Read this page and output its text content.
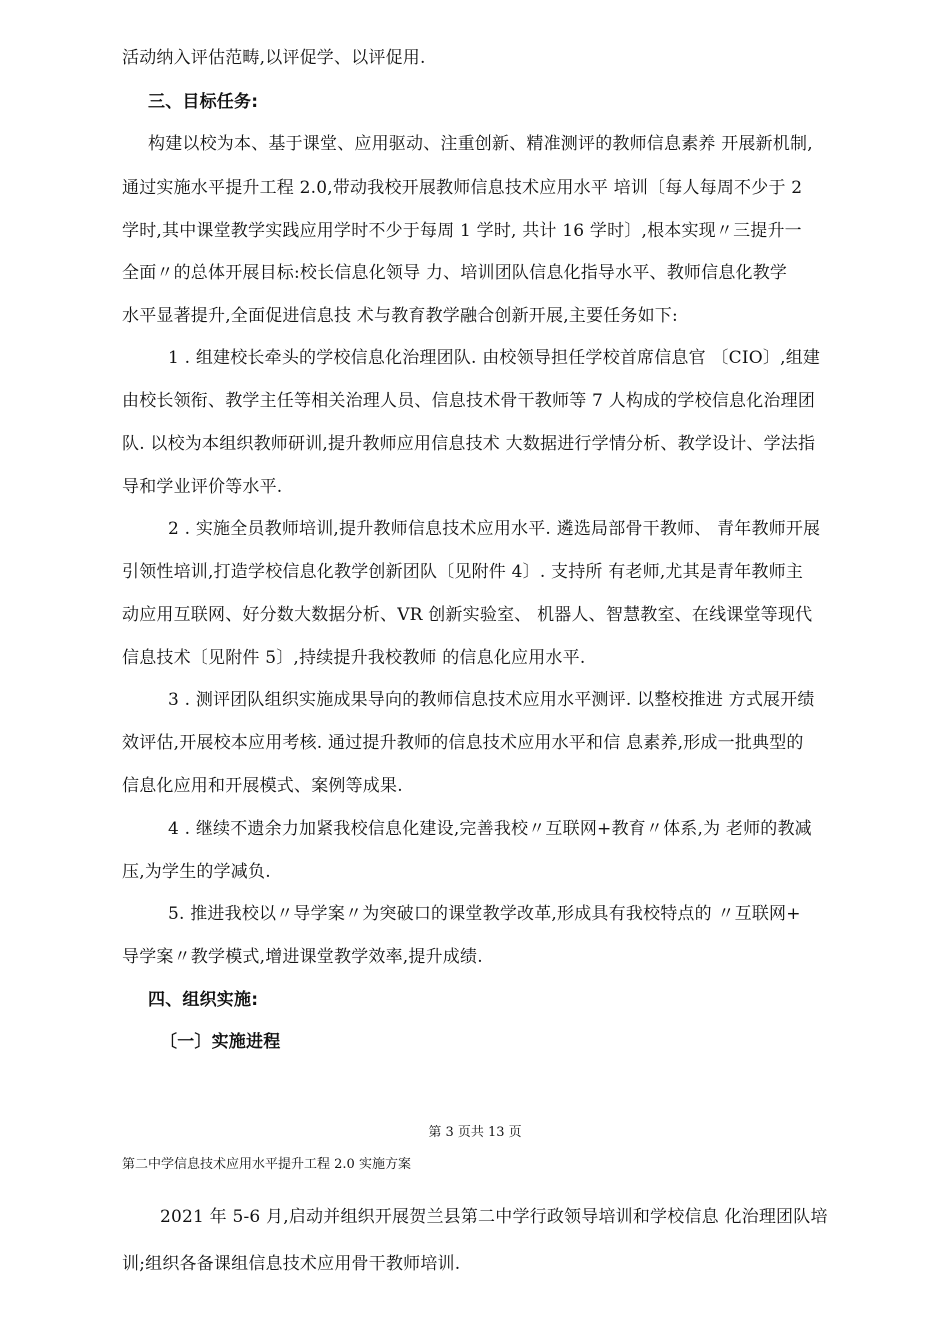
活动纳入评估范畴,以评促学、以评促用.
三、目标任务:
构建以校为本、基于课堂、应用驱动、注重创新、精准测评的教师信息素养 开展新机制,
通过实施水平提升工程 2.0,带动我校开展教师信息技术应用水平 培训〔每人每周不少于 2
学时,其中课堂教学实践应用学时不少于每周 1 学时, 共计 16 学时〕,根本实现〃三提升一
全面〃的总体开展目标:校长信息化领导 力、培训团队信息化指导水平、教师信息化教学
水平显著提升,全面促进信息技 术与教育教学融合创新开展,主要任务如下:
1 . 组建校长牵头的学校信息化治理团队. 由校领导担任学校首席信息官 〔CIO〕,组建
由校长领衔、教学主任等相关治理人员、信息技术骨干教师等 7 人构成的学校信息化治理团
队. 以校为本组织教师研训,提升教师应用信息技术 大数据进行学情分析、教学设计、学法指
导和学业评价等水平.
2 . 实施全员教师培训,提升教师信息技术应用水平. 遴选局部骨干教师、 青年教师开展
引领性培训,打造学校信息化教学创新团队〔见附件 4〕. 支持所 有老师,尤其是青年教师主
动应用互联网、好分数大数据分析、VR 创新实验室、 机器人、智慧教室、在线课堂等现代
信息技术〔见附件 5〕,持续提升我校教师 的信息化应用水平.
3 . 测评团队组织实施成果导向的教师信息技术应用水平测评. 以整校推进 方式展开绩
效评估,开展校本应用考核. 通过提升教师的信息技术应用水平和信 息素养,形成一批典型的
信息化应用和开展模式、案例等成果.
4 . 继续不遗余力加紧我校信息化建设,完善我校〃互联网+教育〃体系,为 老师的教减
压,为学生的学减负.
5. 推进我校以〃导学案〃为突破口的课堂教学改革,形成具有我校特点的 〃互联网+
导学案〃教学模式,增进课堂教学效率,提升成绩.
四、组织实施:
〔一〕实施进程
第 3 页共 13 页
第二中学信息技术应用水平提升工程 2.0 实施方案
2021 年 5-6 月,启动并组织开展贺兰县第二中学行政领导培训和学校信息 化治理团队培
训;组织各备课组信息技术应用骨干教师培训.
